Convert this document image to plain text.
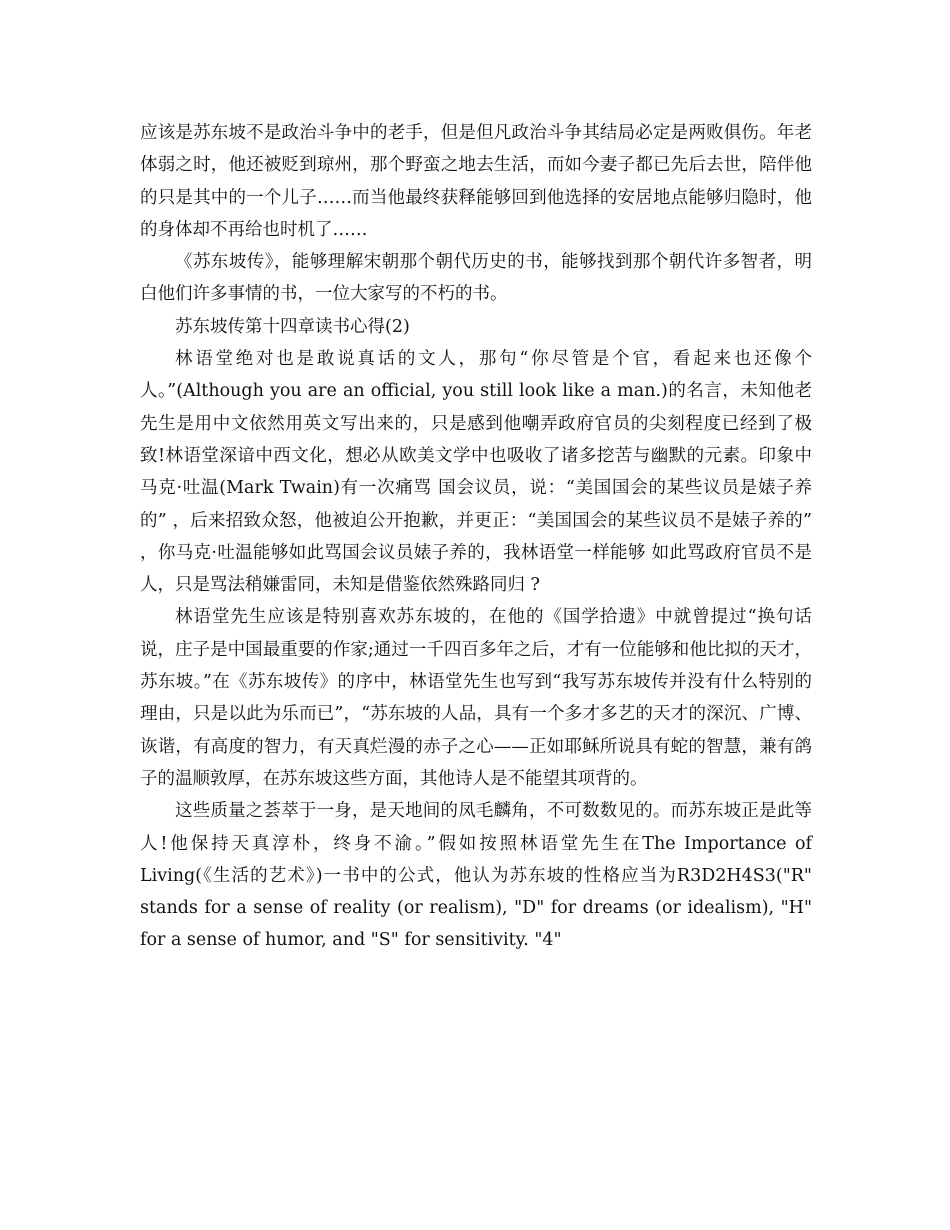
应该是苏东坡不是政治斗争中的老手，但是但凡政治斗争其结局必定是两败俱伤。年老体弱之时，他还被贬到琼州，那个野蛮之地去生活，而如今妻子都已先后去世，陪伴他的只是其中的一个儿子……而当他最终获释能够回到他选择的安居地点能够归隐时，他的身体却不再给也时机了……

《苏东坡传》，能够理解宋朝那个朝代历史的书，能够找到那个朝代许多智者，明白他们许多事情的书，一位大家写的不朽的书。

苏东坡传第十四章读书心得(2)

林语堂绝对也是敢说真话的文人，那句“你尽管是个官，看起来也还像个人。”(Although you are an official, you still look like a man.)的名言，未知他老先生是用中文依然用英文写出来的，只是感到他嘲弄政府官员的尖刻程度已经到了极致!林语堂深谙中西文化，想必从欧美文学中也吸收了诸多挖苦与幽默的元素。印象中马克·吐温(Mark Twain)有一次痛骂 国会议员，说：“美国国会的某些议员是婊子养的” ，后来招致众怒，他被迫公开抱歉，并更正：“美国国会的某些议员不是婊子养的” ，你马克·吐温能够如此骂国会议员婊子养的，我林语堂一样能够 如此骂政府官员不是人，只是骂法稍嫌雷同，未知是借鉴依然殊路同归 ?

林语堂先生应该是特别喜欢苏东坡的，在他的《国学拾遗》中就曾提过“换句话说，庄子是中国最重要的作家;通过一千四百多年之后，才有一位能够和他比拟的天才，苏东坡。”在《苏东坡传》的序中，林语堂先生也写到“我写苏东坡传并没有什么特别的理由，只是以此为乐而已”，“苏东坡的人品，具有一个多才多艺的天才的深沉、广博、诙谐，有高度的智力，有天真烂漫的赤子之心——正如耶稣所说具有蛇的智慧，兼有鸽子的温顺敦厚，在苏东坡这些方面，其他诗人是不能望其项背的。

这些质量之荟萃于一身，是天地间的凤毛麟角，不可数数见的。而苏东坡正是此等人!他保持天真淳朴，终身不渝。”假如按照林语堂先生在The Importance of Living(《生活的艺术》)一书中的公式，他认为苏东坡的性格应当为R3D2H4S3("R" stands for a sense of reality (or realism), "D" for dreams (or idealism), "H" for a sense of humor, and "S" for sensitivity. "4"
